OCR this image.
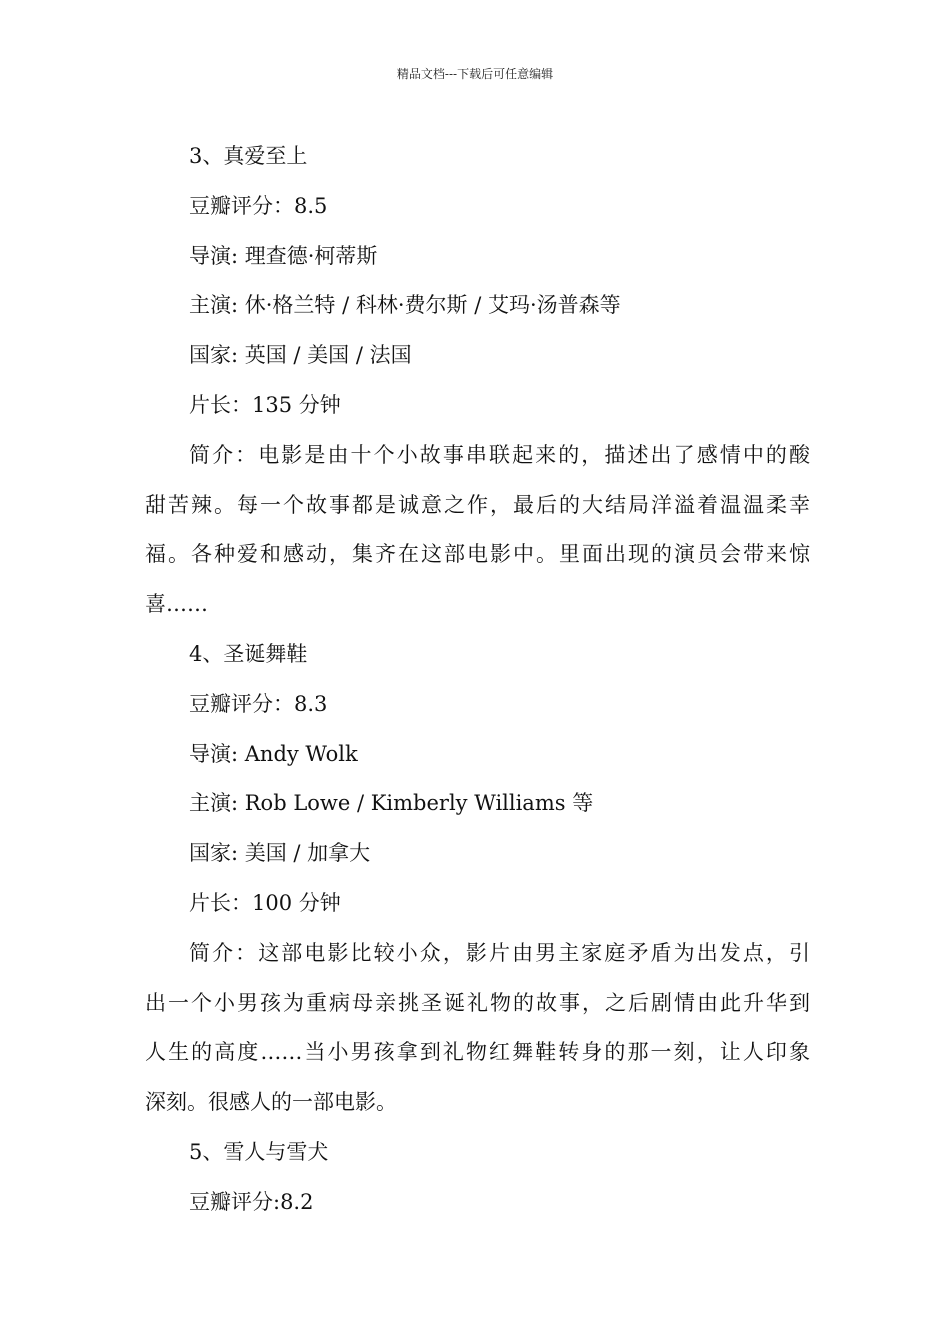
精品文档---下载后可任意编辑
3、真爱至上
豆瓣评分：8.5
导演: 理查德·柯蒂斯
主演: 休·格兰特 / 科林·费尔斯 / 艾玛·汤普森等
国家: 英国 / 美国 / 法国
片长：135 分钟
简介：电影是由十个小故事串联起来的，描述出了感情中的酸
甜苦辣。每一个故事都是诚意之作，最后的大结局洋溢着温温柔幸
福。各种爱和感动，集齐在这部电影中。里面出现的演员会带来惊
喜……
4、圣诞舞鞋
豆瓣评分：8.3
导演: Andy Wolk
主演: Rob Lowe / Kimberly Williams 等
国家: 美国 / 加拿大
片长：100 分钟
简介：这部电影比较小众，影片由男主家庭矛盾为出发点，引
出一个小男孩为重病母亲挑圣诞礼物的故事，之后剧情由此升华到
人生的高度……当小男孩拿到礼物红舞鞋转身的那一刻，让人印象
深刻。很感人的一部电影。
5、雪人与雪犬
豆瓣评分:8.2
